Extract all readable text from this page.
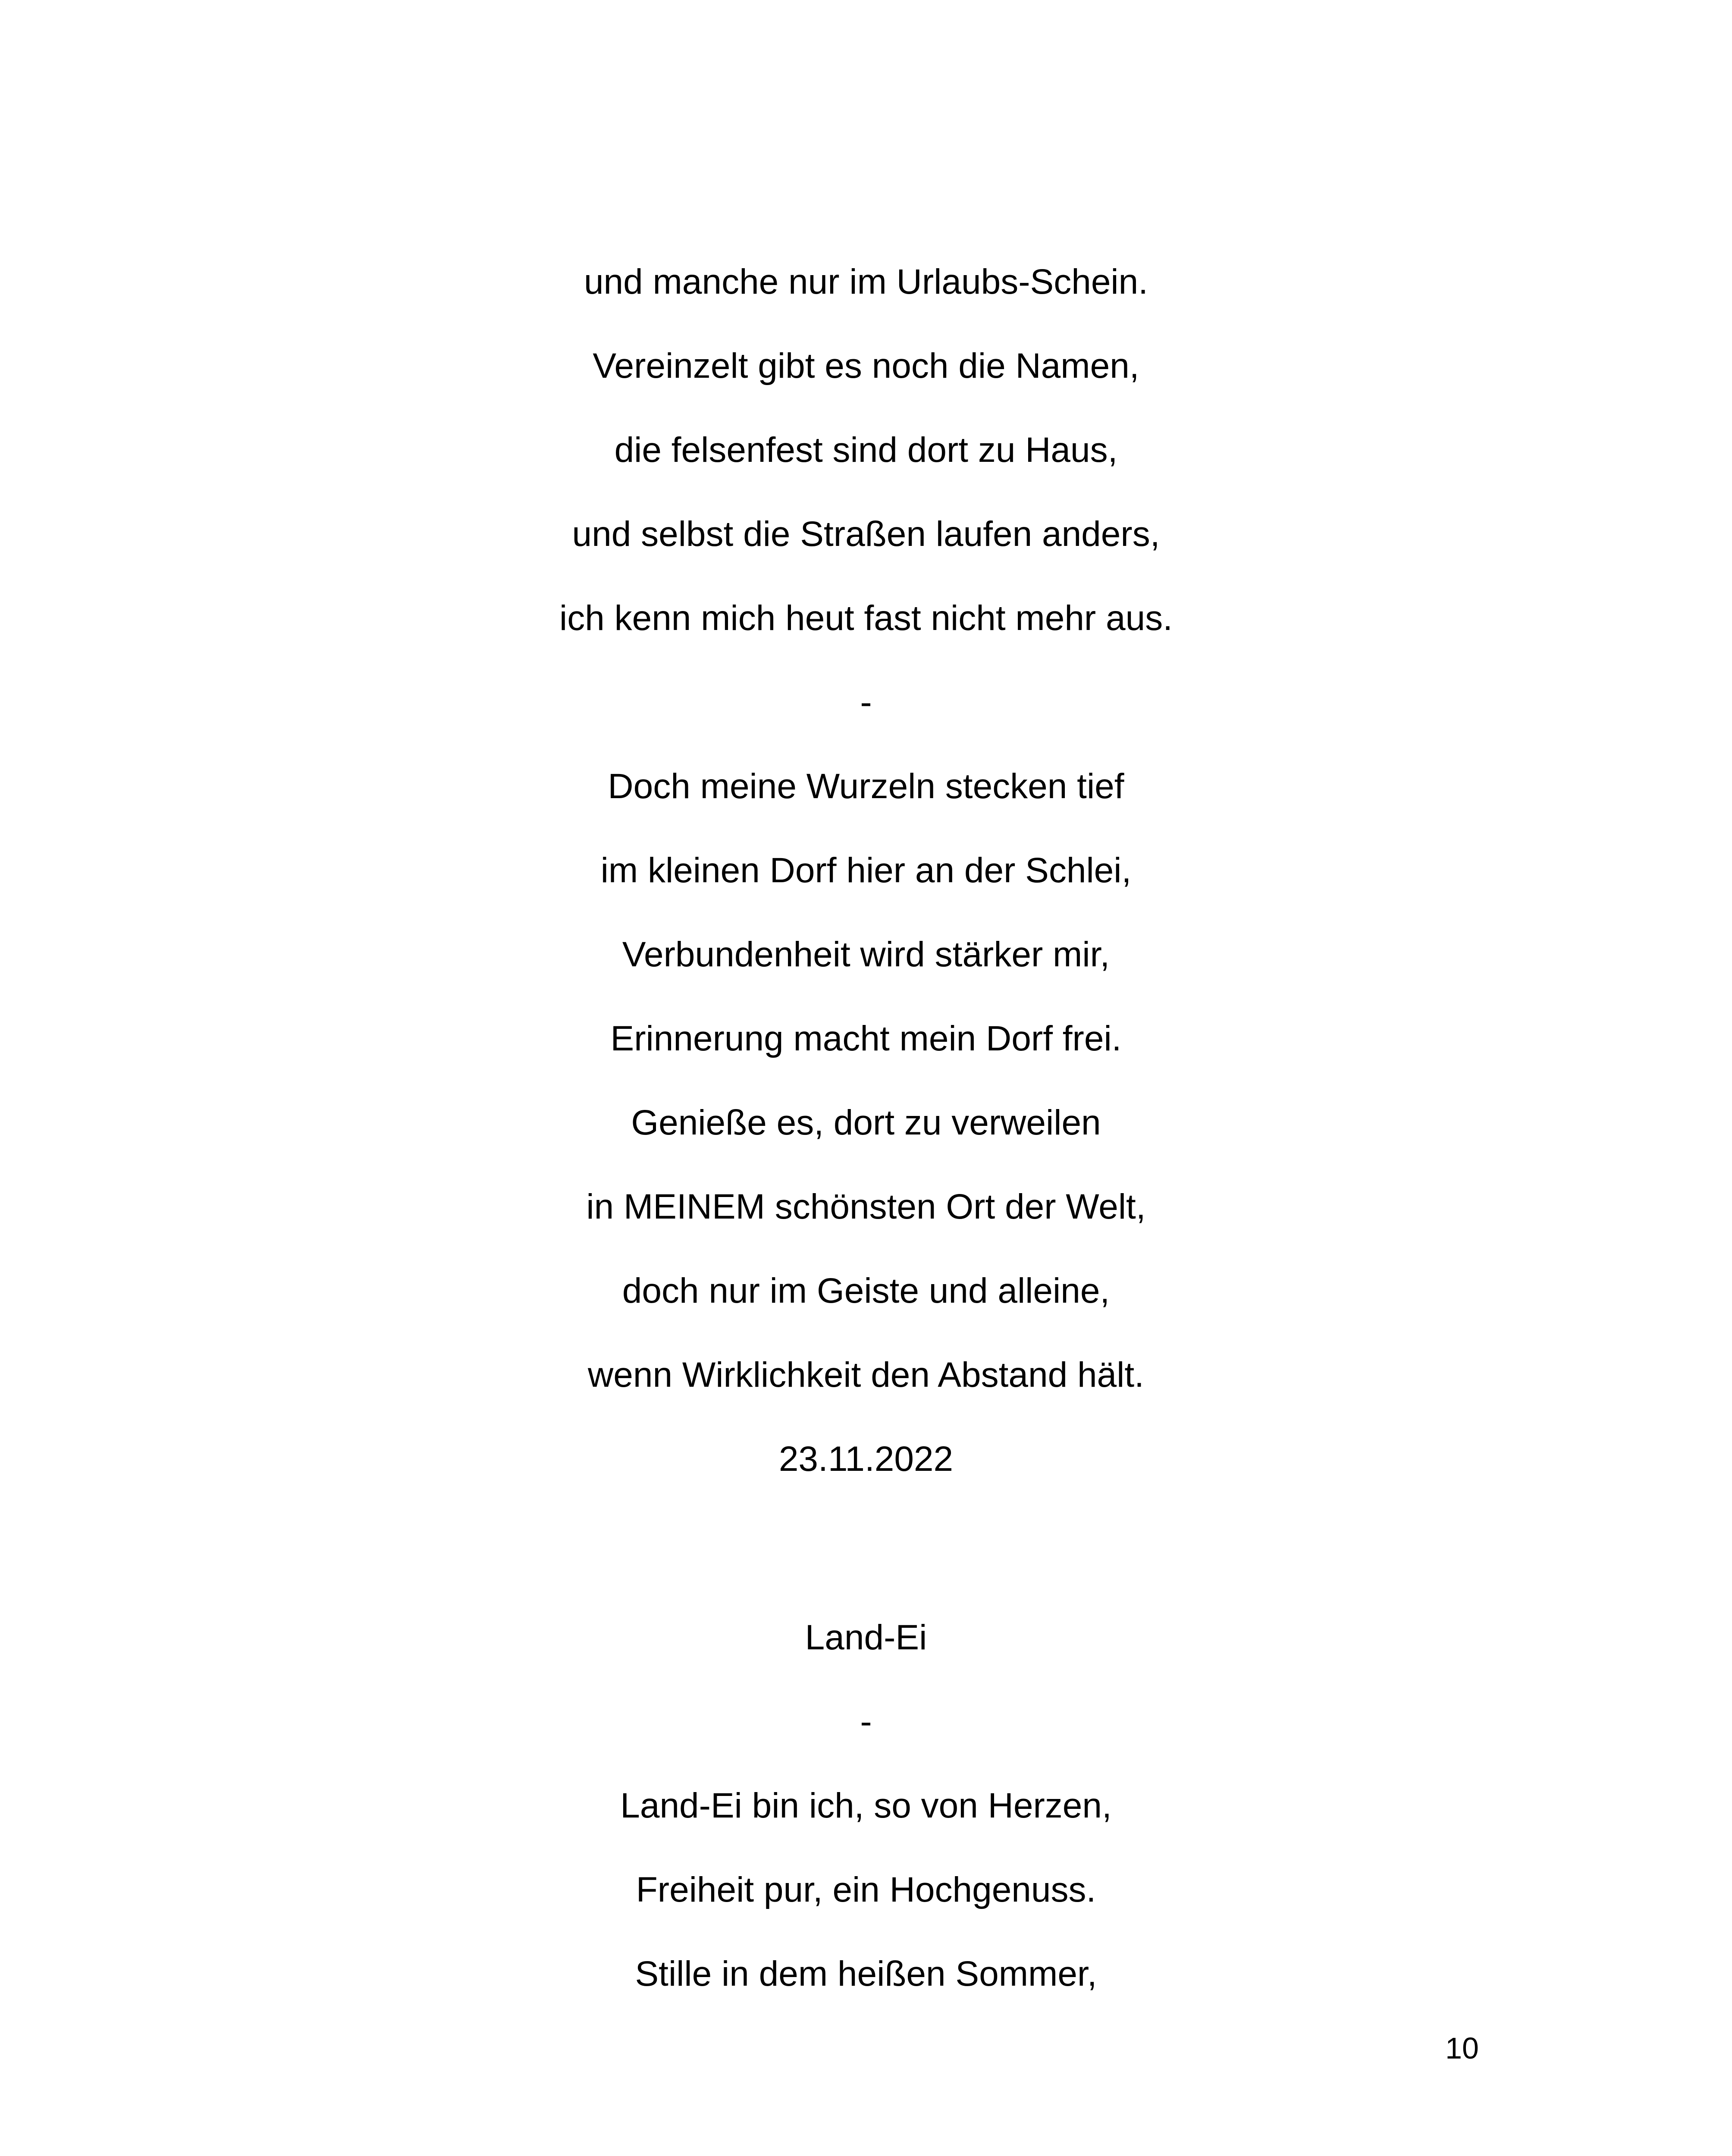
und manche nur im Urlaubs-Schein.
Vereinzelt gibt es noch die Namen,
die felsenfest sind dort zu Haus,
und selbst die Straßen laufen anders,
ich kenn mich heut fast nicht mehr aus.
-
Doch meine Wurzeln stecken tief
im kleinen Dorf hier an der Schlei,
Verbundenheit wird stärker mir,
Erinnerung macht mein Dorf frei.
Genieße es, dort zu verweilen
in MEINEM schönsten Ort der Welt,
doch nur im Geiste und alleine,
wenn Wirklichkeit den Abstand hält.
23.11.2022
Land-Ei
-
Land-Ei bin ich, so von Herzen,
Freiheit pur, ein Hochgenuss.
Stille in dem heißen Sommer,
10
